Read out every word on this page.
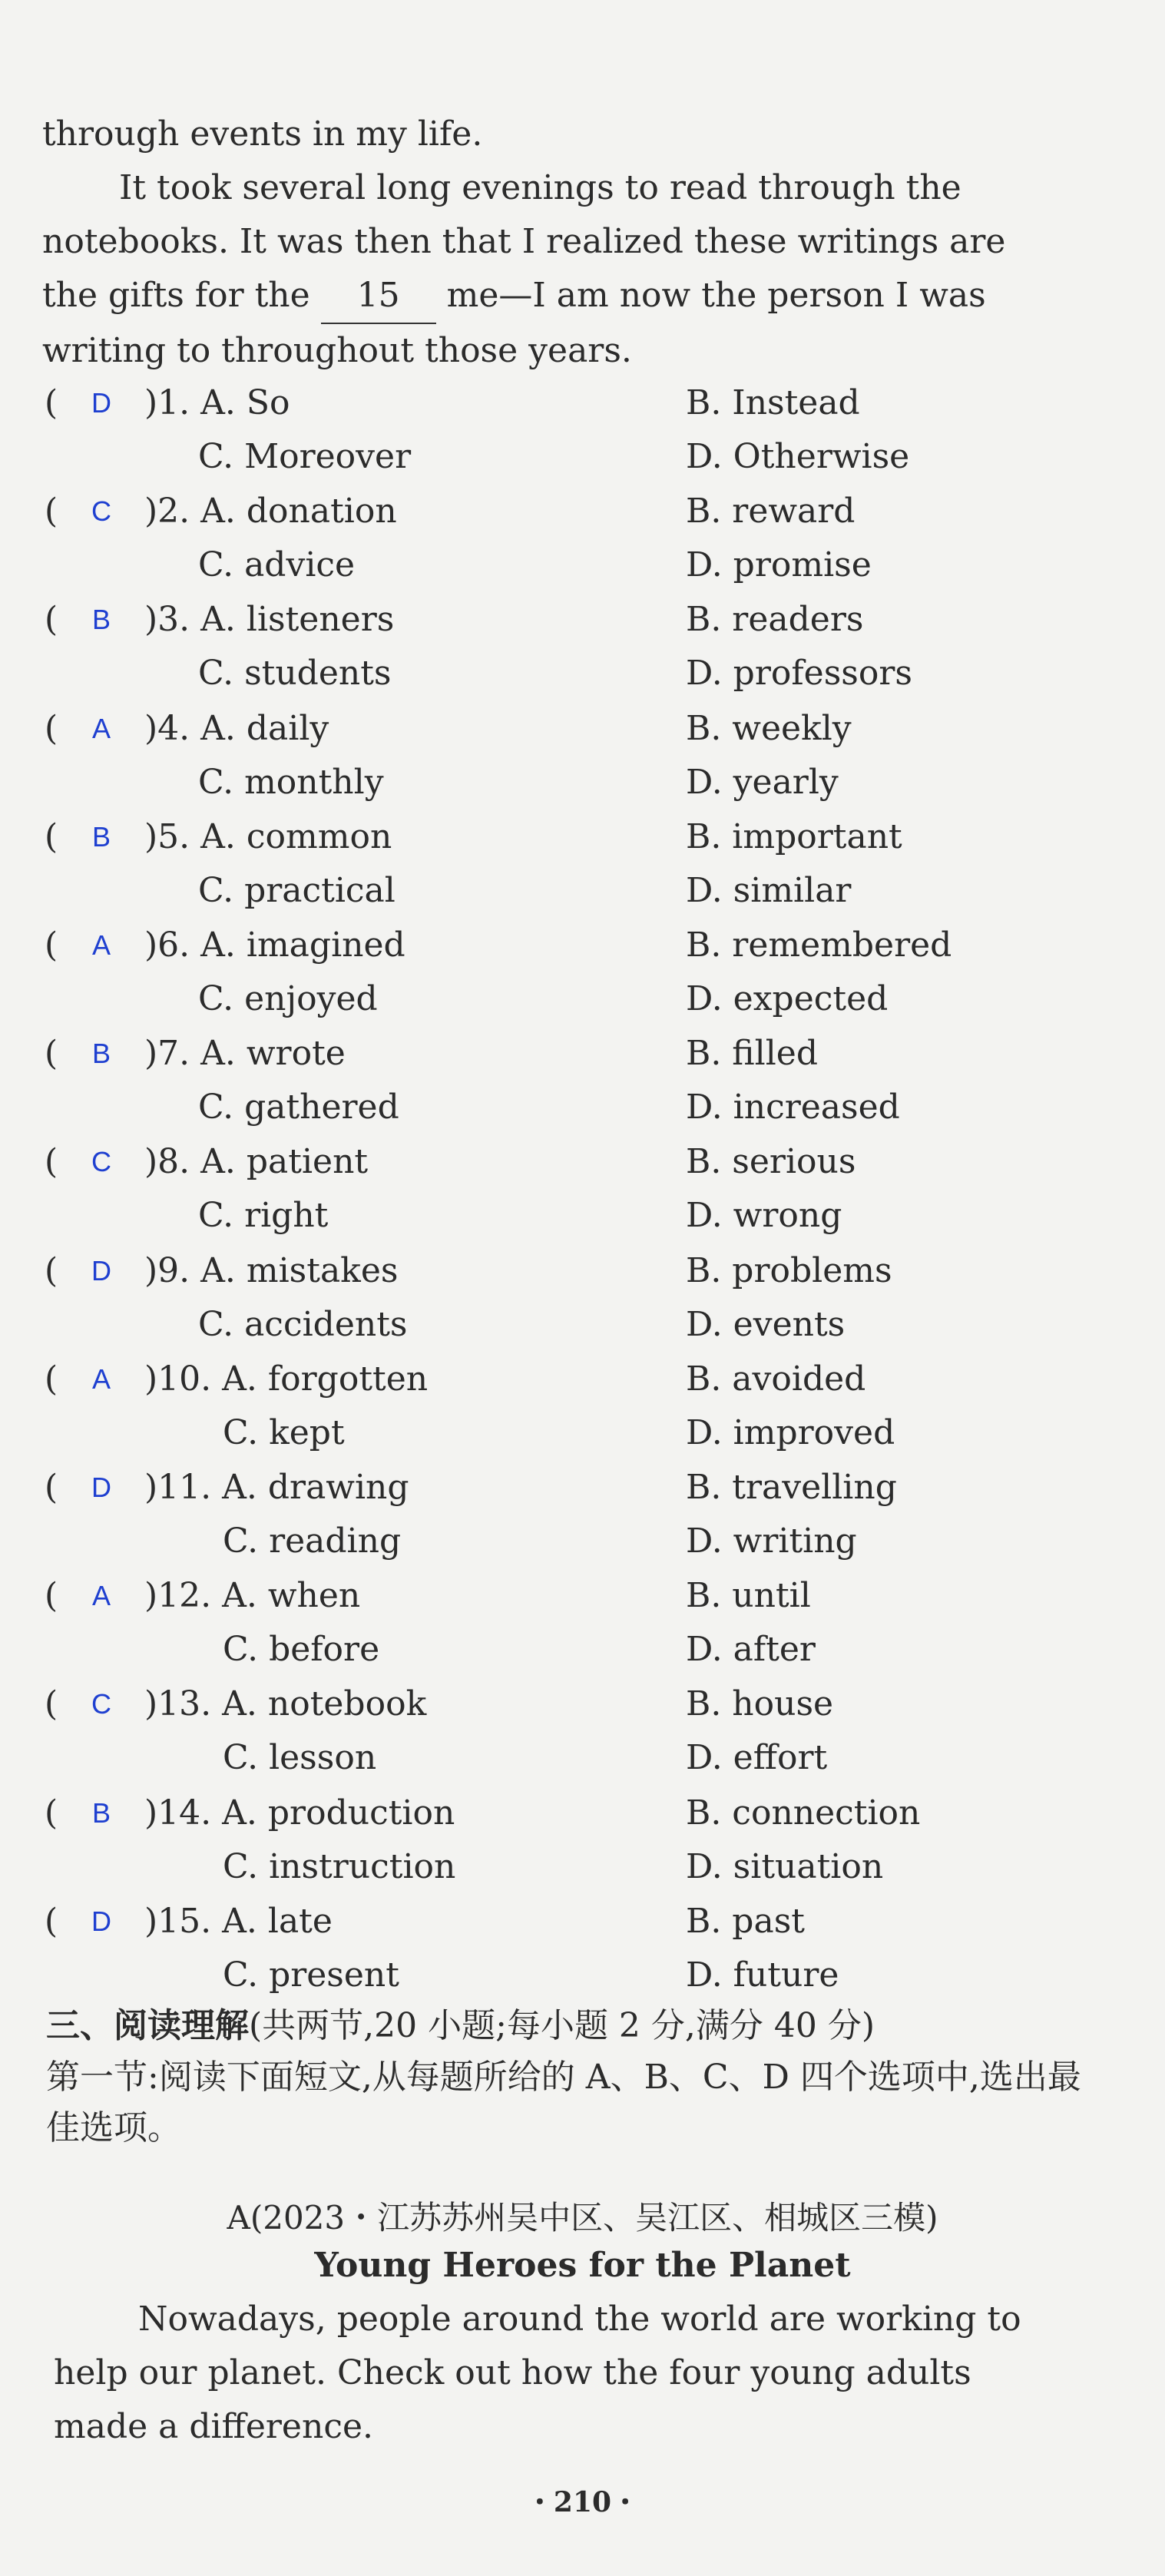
through events in my life.

It took several long evenings to read through the notebooks. It was then that I realized these writings are the gifts for the 15 me—I am now the person I was writing to throughout those years.

( D )1. A. So	B. Instead
C. Moreover	D. Otherwise
( C )2. A. donation	B. reward
C. advice	D. promise
( B )3. A. listeners	B. readers
C. students	D. professors
( A )4. A. daily	B. weekly
C. monthly	D. yearly
( B )5. A. common	B. important
C. practical	D. similar
( A )6. A. imagined	B. remembered
C. enjoyed	D. expected
( B )7. A. wrote	B. filled
C. gathered	D. increased
( C )8. A. patient	B. serious
C. right	D. wrong
( D )9. A. mistakes	B. problems
C. accidents	D. events
( A )10. A. forgotten	B. avoided
C. kept	D. improved
( D )11. A. drawing	B. travelling
C. reading	D. writing
( A )12. A. when	B. until
C. before	D. after
( C )13. A. notebook	B. house
C. lesson	D. effort
( B )14. A. production	B. connection
C. instruction	D. situation
( D )15. A. late	B. past
C. present	D. future

三、阅读理解(共两节,20 小题;每小题 2 分,满分 40 分)

第一节:阅读下面短文,从每题所给的 A、B、C、D 四个选项中,选出最佳选项。

A(2023・江苏苏州吴中区、吴江区、相城区三模)
Young Heroes for the Planet

Nowadays, people around the world are working to help our planet. Check out how the four young adults made a difference.

・210・
